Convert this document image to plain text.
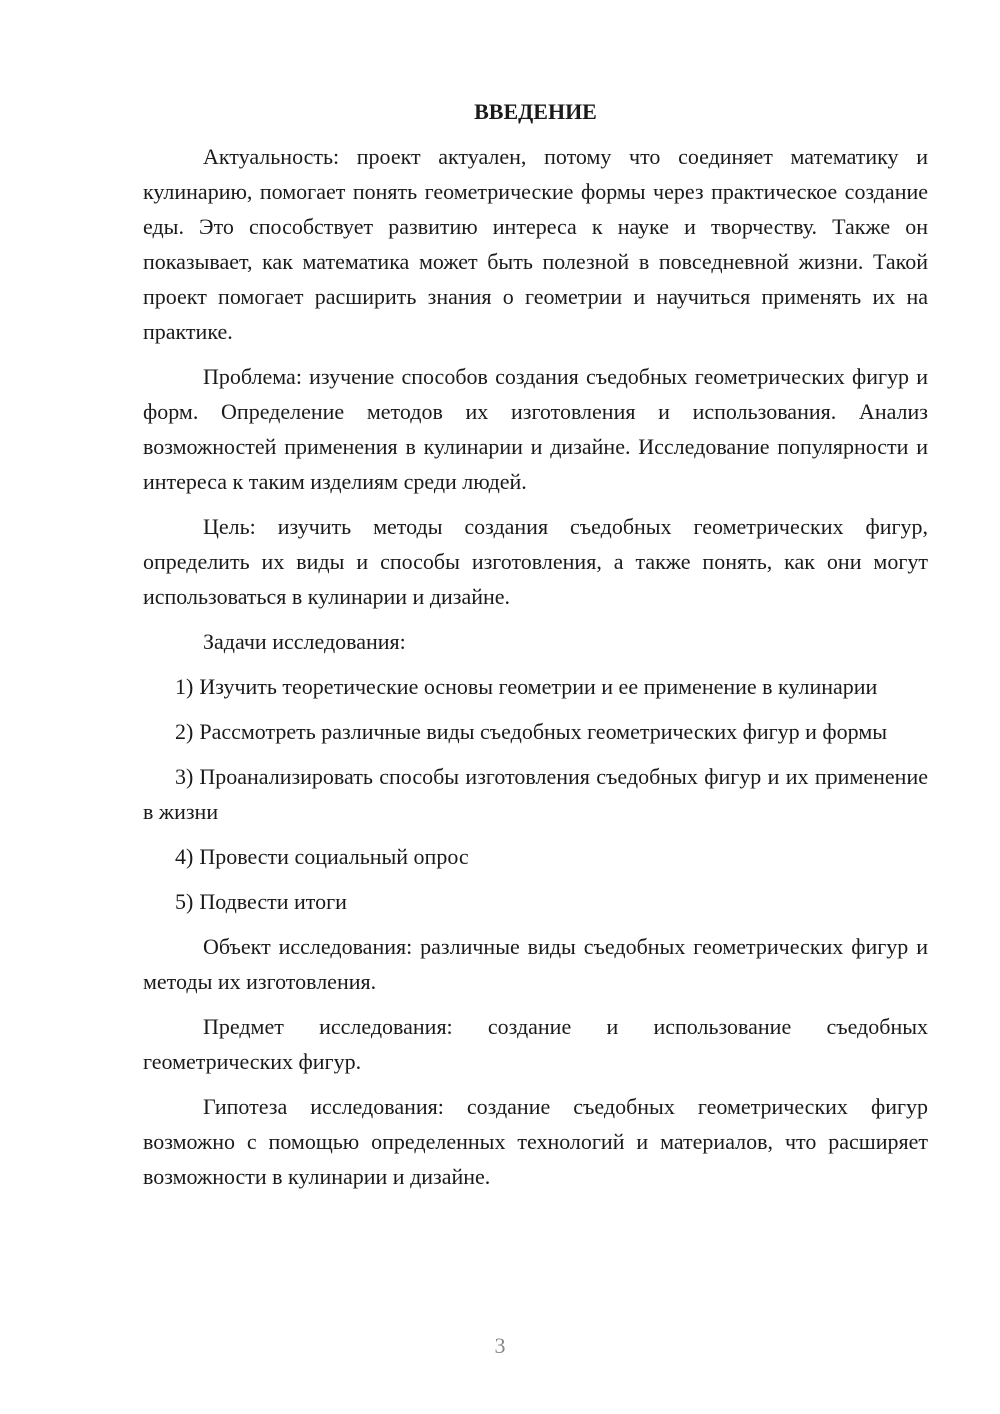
ВВЕДЕНИЕ

Актуальность: проект актуален, потому что соединяет математику и кулинарию, помогает понять геометрические формы через практическое создание еды. Это способствует развитию интереса к науке и творчеству. Также он показывает, как математика может быть полезной в повседневной жизни. Такой проект помогает расширить знания о геометрии и научиться применять их на практике.

Проблема: изучение способов создания съедобных геометрических фигур и форм. Определение методов их изготовления и использования. Анализ возможностей применения в кулинарии и дизайне. Исследование популярности и интереса к таким изделиям среди людей.

Цель: изучить методы создания съедобных геометрических фигур, определить их виды и способы изготовления, а также понять, как они могут использоваться в кулинарии и дизайне.

Задачи исследования:

1) Изучить теоретические основы геометрии и ее применение в кулинарии

2) Рассмотреть различные виды съедобных геометрических фигур и формы

3) Проанализировать способы изготовления съедобных фигур и их применение в жизни

4) Провести социальный опрос

5) Подвести итоги

Объект исследования: различные виды съедобных геометрических фигур и методы их изготовления.

Предмет исследования: создание и использование съедобных геометрических фигур.

Гипотеза исследования: создание съедобных геометрических фигур возможно с помощью определенных технологий и материалов, что расширяет возможности в кулинарии и дизайне.

3
